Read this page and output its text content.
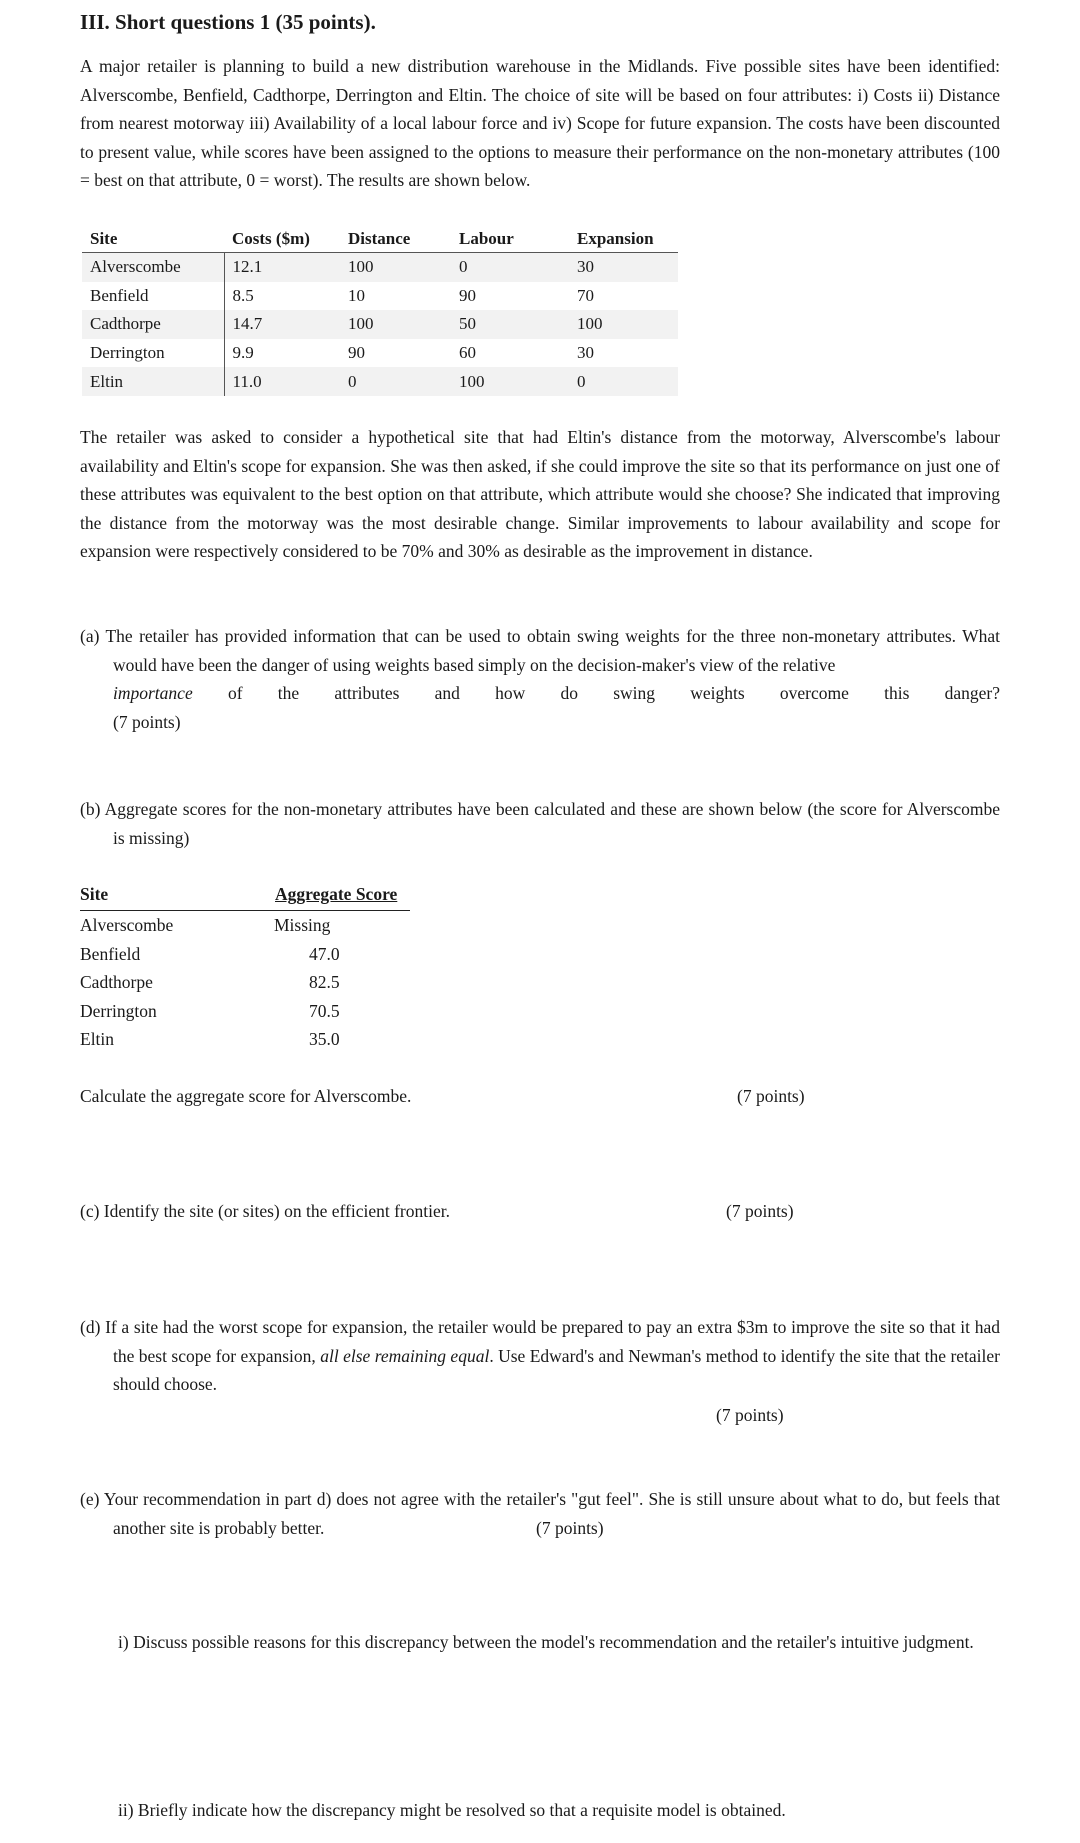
III. Short questions 1 (35 points).

A major retailer is planning to build a new distribution warehouse in the Midlands. Five possible sites have been identified: Alverscombe, Benfield, Cadthorpe, Derrington and Eltin. The choice of site will be based on four attributes: i) Costs ii) Distance from nearest motorway iii) Availability of a local labour force and iv) Scope for future expansion. The costs have been discounted to present value, while scores have been assigned to the options to measure their performance on the non-monetary attributes (100 = best on that attribute, 0 = worst). The results are shown below.

Site	Costs ($m)	Distance	Labour	Expansion
Alverscombe	12.1	100	0	30
Benfield	8.5	10	90	70
Cadthorpe	14.7	100	50	100
Derrington	9.9	90	60	30
Eltin	11.0	0	100	0

The retailer was asked to consider a hypothetical site that had Eltin's distance from the motorway, Alverscombe's labour availability and Eltin's scope for expansion. She was then asked, if she could improve the site so that its performance on just one of these attributes was equivalent to the best option on that attribute, which attribute would she choose? She indicated that improving the distance from the motorway was the most desirable change. Similar improvements to labour availability and scope for expansion were respectively considered to be 70% and 30% as desirable as the improvement in distance.

(a) The retailer has provided information that can be used to obtain swing weights for the three non-monetary attributes. What would have been the danger of using weights based simply on the decision-maker's view of the relative
importance of the attributes and how do swing weights overcome this danger?
(7 points)

(b) Aggregate scores for the non-monetary attributes have been calculated and these are shown below (the score for Alverscombe is missing)

Site	Aggregate Score
Alverscombe	Missing
Benfield	47.0
Cadthorpe	82.5
Derrington	70.5
Eltin	35.0

Calculate the aggregate score for Alverscombe.	(7 points)

(c) Identify the site (or sites) on the efficient frontier.	(7 points)

(d) If a site had the worst scope for expansion, the retailer would be prepared to pay an extra $3m to improve the site so that it had the best scope for expansion, all else remaining equal. Use Edward's and Newman's method to identify the site that the retailer should choose.

(7 points)

(e) Your recommendation in part d) does not agree with the retailer's "gut feel". She is still unsure about what to do, but feels that another site is probably better.	(7 points)

i) Discuss possible reasons for this discrepancy between the model's recommendation and the retailer's intuitive judgment.

ii) Briefly indicate how the discrepancy might be resolved so that a requisite model is obtained.
